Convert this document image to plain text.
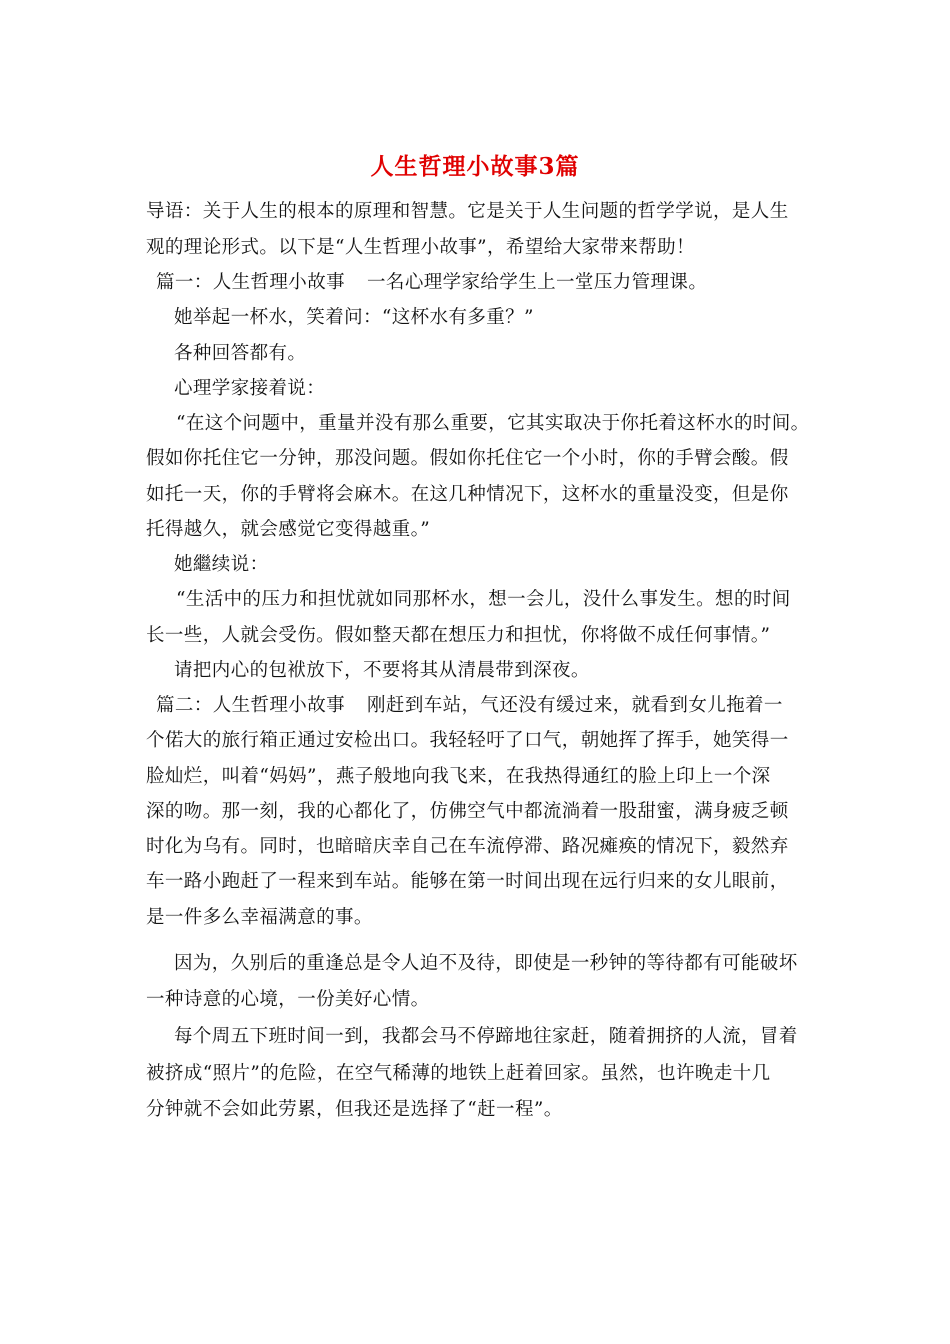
人生哲理小故事3篇
导语：关于人生的根本的原理和智慧。它是关于人生问题的哲学学说，是人生
观的理论形式。以下是“人生哲理小故事”，希望给大家带来帮助！
篇一：人生哲理小故事 一名心理学家给学生上一堂压力管理课。
她举起一杯水，笑着问：“这杯水有多重？”
各种回答都有。
心理学家接着说：
“在这个问题中，重量并没有那么重要，它其实取决于你托着这杯水的时间。
假如你托住它一分钟，那没问题。假如你托住它一个小时，你的手臂会酸。假
如托一天，你的手臂将会麻木。在这几种情况下，这杯水的重量没变，但是你
托得越久，就会感觉它变得越重。”
她繼续说：
“生活中的压力和担忧就如同那杯水，想一会儿，没什么事发生。想的时间
长一些，人就会受伤。假如整天都在想压力和担忧，你将做不成任何事情。”
请把内心的包袱放下，不要将其从清晨带到深夜。
篇二：人生哲理小故事 刚赶到车站，气还没有缓过来，就看到女儿拖着一
个偌大的旅行箱正通过安检出口。我轻轻吁了口气，朝她挥了挥手，她笑得一
脸灿烂，叫着“妈妈”，燕子般地向我飞来，在我热得通红的脸上印上一个深
深的吻。那一刻，我的心都化了，仿佛空气中都流淌着一股甜蜜，满身疲乏顿
时化为乌有。同时，也暗暗庆幸自己在车流停滞、路况瘫痪的情况下，毅然弃
车一路小跑赶了一程来到车站。能够在第一时间出现在远行归来的女儿眼前，
是一件多么幸福满意的事。
因为，久别后的重逢总是令人迫不及待，即使是一秒钟的等待都有可能破坏
一种诗意的心境，一份美好心情。
每个周五下班时间一到，我都会马不停蹄地往家赶，随着拥挤的人流，冒着
被挤成“照片”的危险，在空气稀薄的地铁上赶着回家。虽然，也许晚走十几
分钟就不会如此劳累，但我还是选择了“赶一程”。
